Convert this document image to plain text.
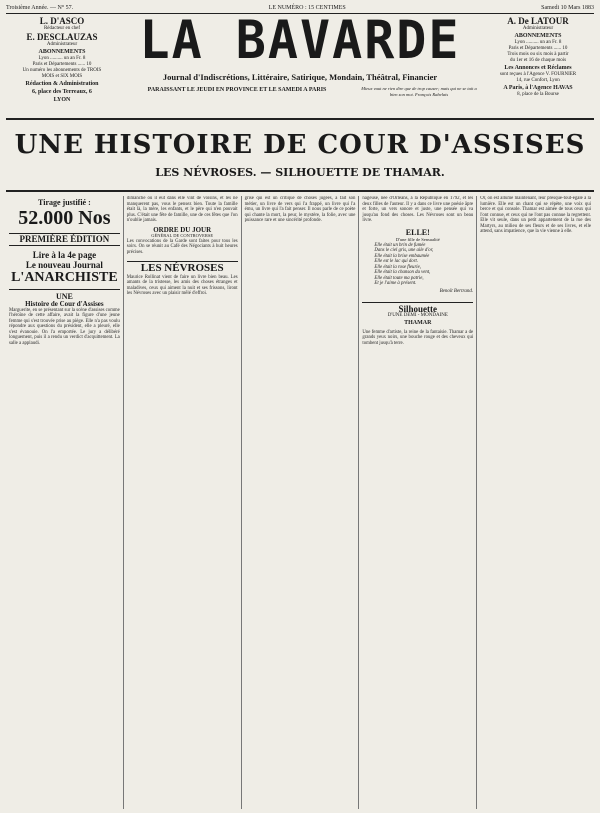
Troisième Année. — N° 57.	LE NUMÉRO : 15 CENTIMES	Samedi 10 Mars 1883
L. D'ASCO
Rédacteur en chef
E. DESCLAUZAS
Administrateur
ABONNEMENTS
Lyon .......... un an Fr. 8
Paris et Départements ...... 10
Un numéro les abonnements de TROIS
MOIS et SIX MOIS
Rédaction & Administration
6, place des Terreaux, 6
LYON
LA BAVARDE
Journal d'Indiscrétions, Littéraire, Satirique, Mondain, Théâtral, Financier
PARAISSANT LE JEUDI EN PROVINCE ET LE SAMEDI A PARIS	Mieux vaut ne rien dire que de trop causer; mais qui ne se tait a bien son mot. François Rabelais
A. De LATOUR
Administrateur
ABONNEMENTS
Lyon .......... un an Fr. 8
Paris et Départements ...... 10
Trois mois ou six mois à partir
du 1er et 16 de chaque mois
Les Annonces et Réclames
sont reçues à l'Agence V. FOURNIER
14, rue Confort, Lyon
A Paris, à l'Agence HAVAS
8, place de la Bourse
UNE HISTOIRE DE COUR D'ASSISES
LES NÉVROSES. — SILHOUETTE DE THAMAR.
Tirage justifié :
52.000 Nos
PREMIÈRE ÉDITION
Lire à la 4e page
Le nouveau Journal
L'ANARCHISTE
UNE
Histoire de Cour d'Assises
Marguerite, en se présentant sur la scène d'assises comme l'héroïne de cette affaire, avait la figure d'une jeune femme qui s'est trouvée prise au piège. Elle n'a pas voulu répondre aux questions du président, elle a pleuré, elle s'est évanouie. On l'a emportée. Le jury a délibéré longuement, puis il a rendu un verdict d'acquittement. La salle a applaudi.
dimanche où il eut dans elle vint de voisins, et les ne manquerent pas, vous le pensez bien. Toute la famille était là, la mère, les enfants, et le père qui n'en pouvait plus. C'était une fête de famille, une de ces fêtes que l'on n'oublie jamais.
ORDRE DU JOUR
GÉNÉRAL DE CONTROVERSE
Les convocations de la Garde sont faites pour tous les soirs. On se réunit au Café des Négociants à huit heures précises.
LES NÉVROSES
Maurice Rollinat vient de faire un livre bien beau. Les amants de la tristesse, les amis des choses étranges et maladives, ceux qui aiment la nuit et ses frissons, liront les Névroses avec un plaisir mêlé d'effroi.
grise qui est un critique de choses jugées, a fait son métier, un livre de vers qui l'a frappé, un livre qui l'a ému, un livre qui l'a fait penser. Il nous parle de ce poète qui chante la mort, la peur, le mystère, la folie, avec une puissance rare et une sincérité profonde.
nageuse, née d'Orléans, à la République en 1792, et les deux filles de l'auteur. Il y a dans ce livre une poésie âpre et forte, un vers sonore et juste, une pensée qui va jusqu'au fond des choses. Les Névroses sont un beau livre.
ELLE!
D'une fille de Sensualité
Elle était un brin de fumée
Dans le ciel gris, une aile d'or,
Elle était la brise embaumée
Elle est le lac qui dort.
Elle était la rose fleurie,
Elle était la chanson du vent,
Elle était toute ma patrie,
Et je l'aime à présent.
Benoît Bertrand.
Silhouette
D'UNE DEMI - MONDAINE
THAMAR
Une femme d'artiste, la reine de la fantaisie. Thamar a de grands yeux noirs, une bouche rouge et des cheveux qui tombent jusqu'à terre.
Or, on est allumé maintenant, leur presque-tout-égale à la lumière. Elle est un chant qui se répète, une voix qui berce et qui console. Thamar est aimée de tous ceux qui l'ont connue, et ceux qui ne l'ont pas connue la regrettent. Elle vit seule, dans un petit appartement de la rue des Martyrs, au milieu de ses fleurs et de ses livres, et elle attend, sans impatience, que la vie vienne à elle.
